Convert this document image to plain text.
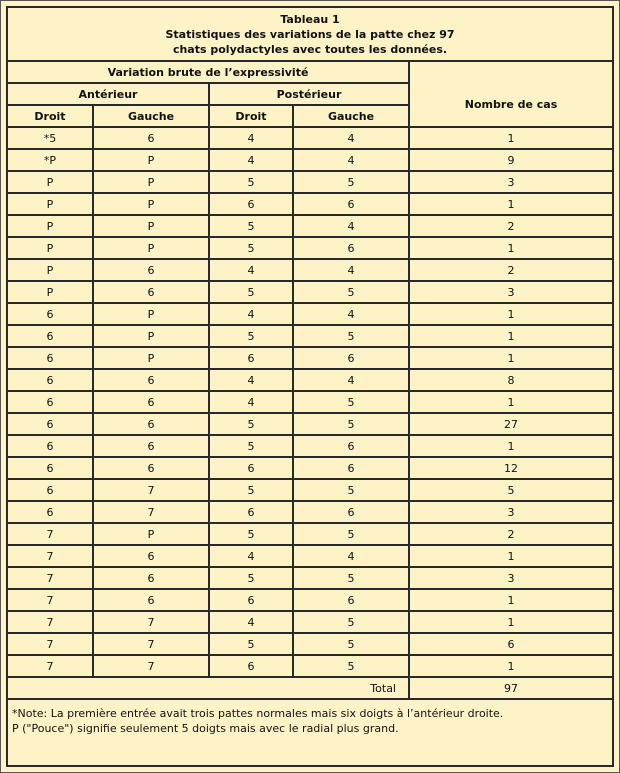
Tableau 1
Statistiques des variations de la patte chez 97
chats polydactyles avec toutes les données.				

Variation brute de l’expressivité				
Antérieur		Postérieur		Nombre de cas
Droit	Gauche	Droit	Gauche	
*5	6	4	4	1
*P	P	4	4	9
P	P	5	5	3
P	P	6	6	1
P	P	5	4	2
P	P	5	6	1
P	6	4	4	2
P	6	5	5	3
6	P	4	4	1
6	P	5	5	1
6	P	6	6	1
6	6	4	4	8
6	6	4	5	1
6	6	5	5	27
6	6	5	6	1
6	6	6	6	12
6	7	5	5	5
6	7	6	6	3
7	P	5	5	2
7	6	4	4	1
7	6	5	5	3
7	6	6	6	1
7	7	4	5	1
7	7	5	5	6
7	7	6	5	1
Total				97

*Note: La première entrée avait trois pattes normales mais six doigts à l’antérieur droite.
P ("Pouce") signifie seulement 5 doigts mais avec le radial plus grand.				
